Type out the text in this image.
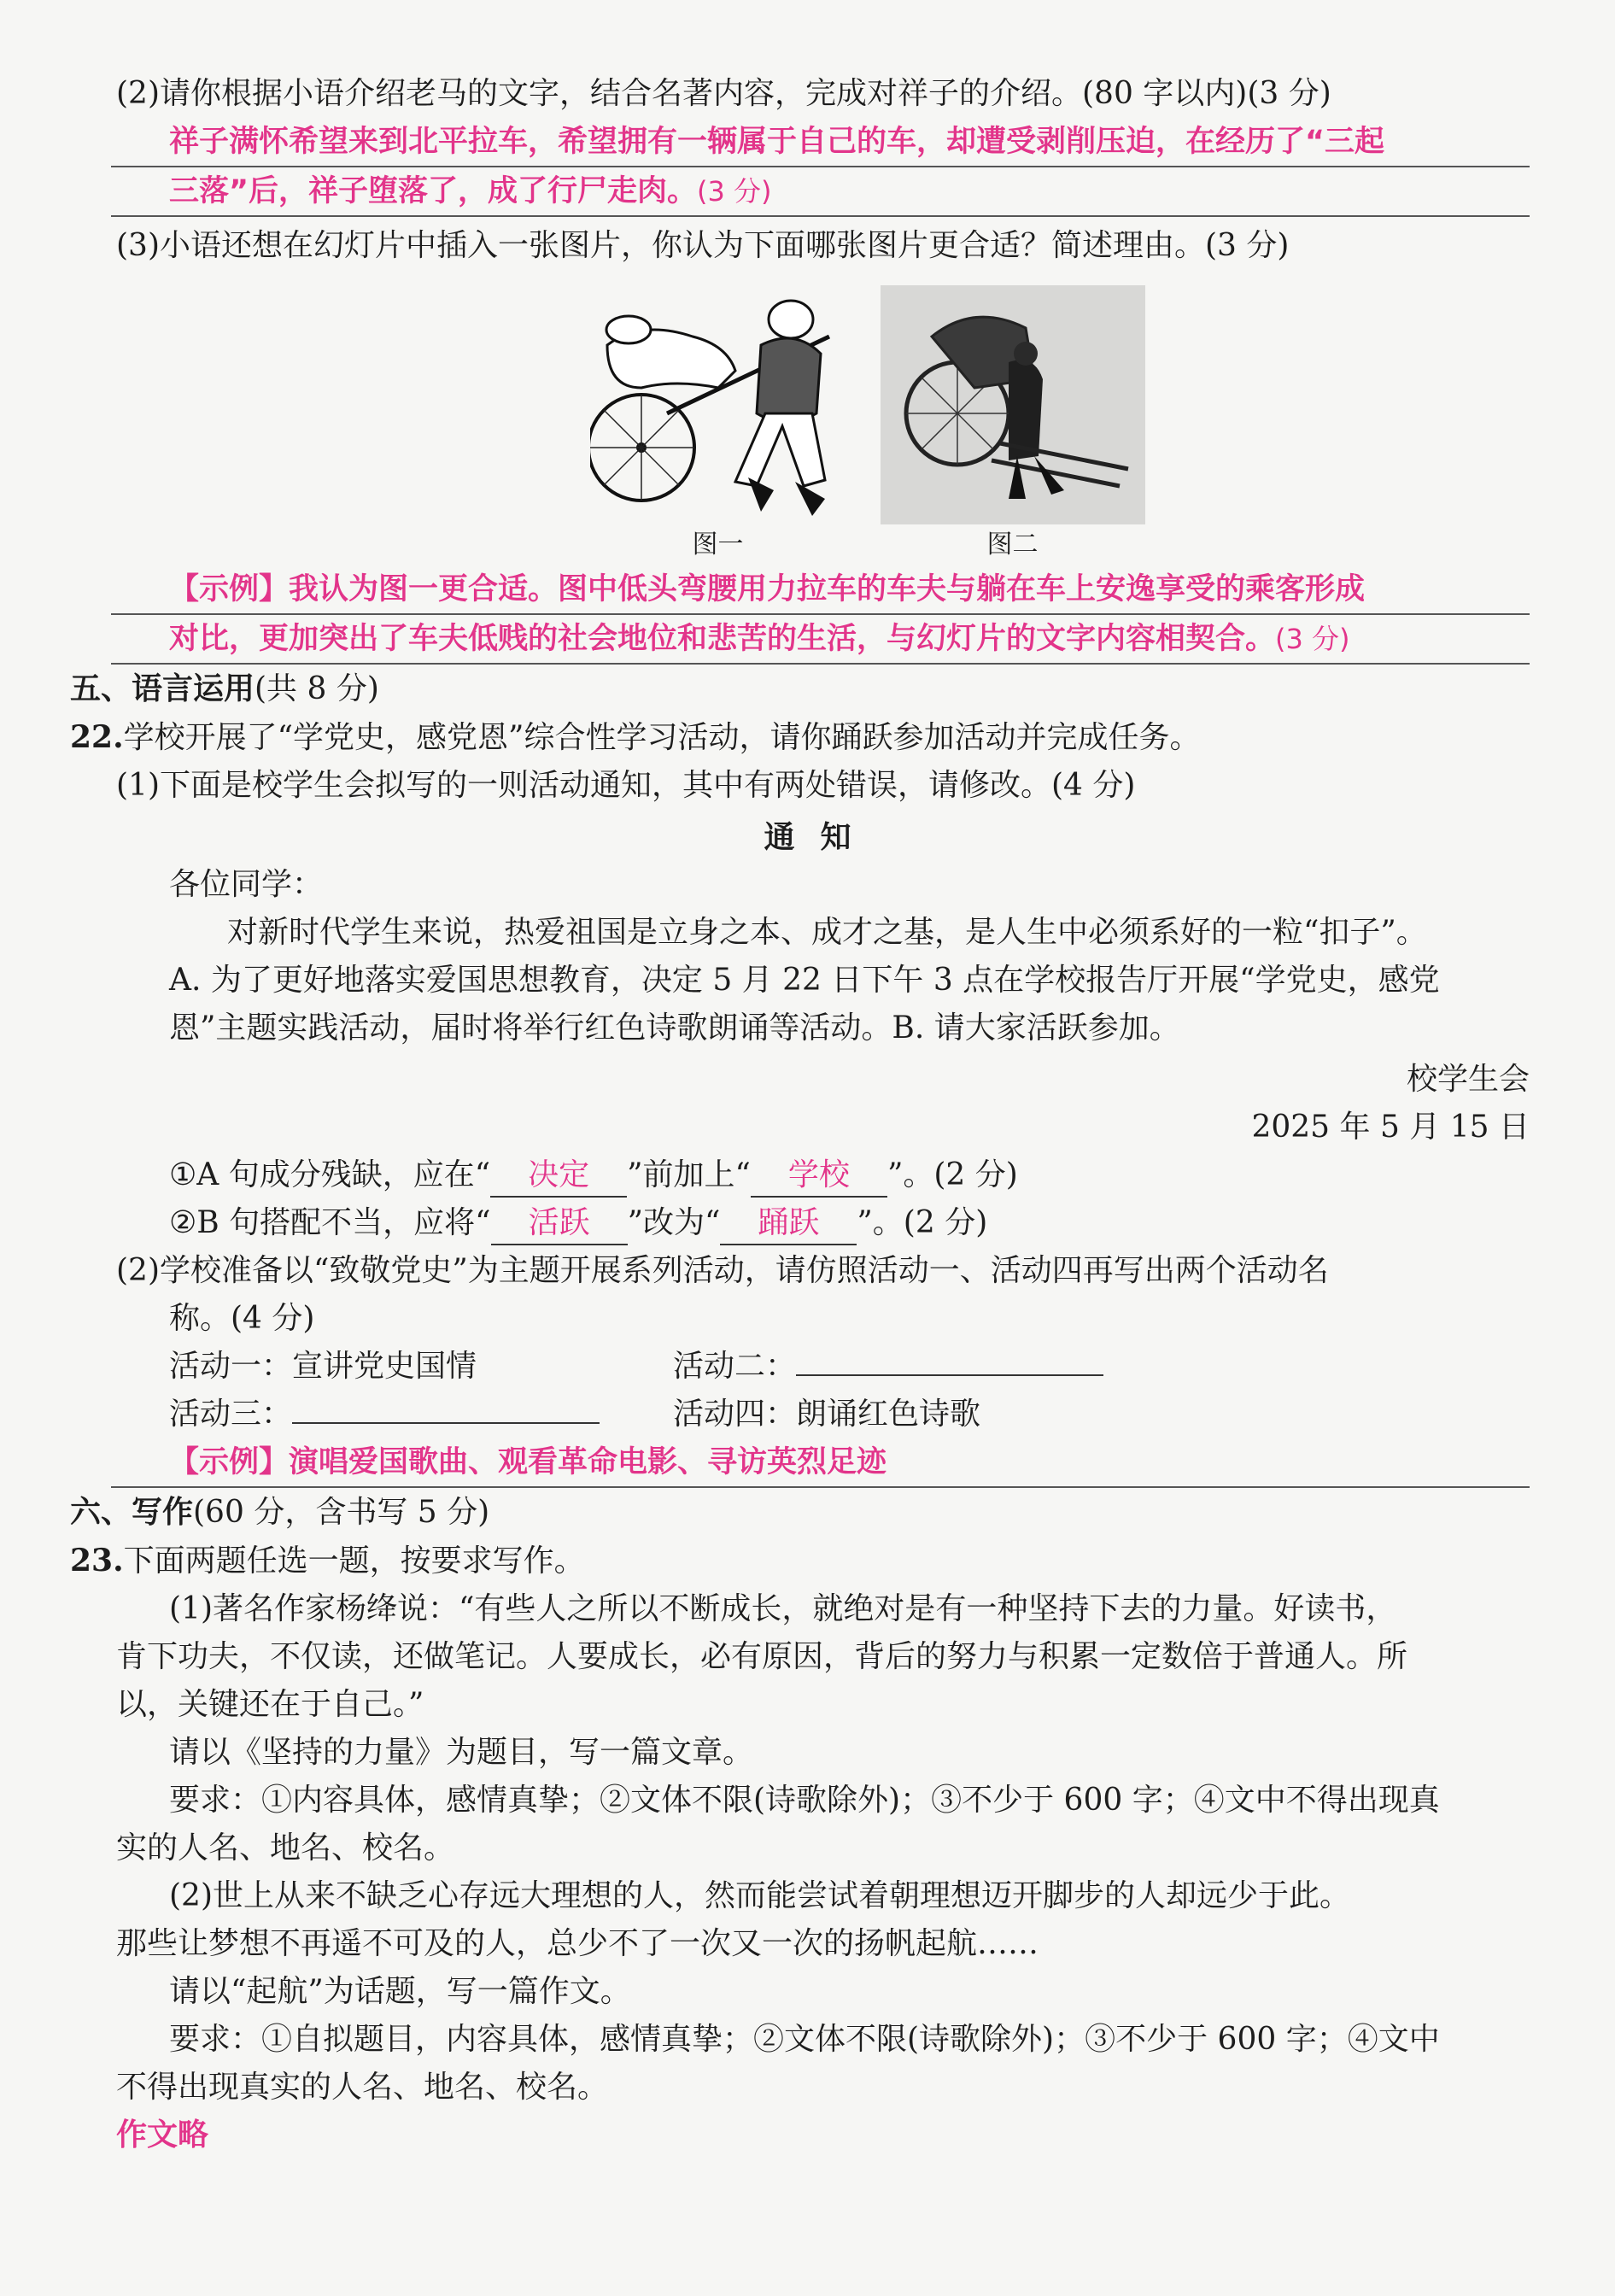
(2)请你根据小语介绍老马的文字，结合名著内容，完成对祥子的介绍。(80 字以内)(3 分)
祥子满怀希望来到北平拉车，希望拥有一辆属于自己的车，却遭受剥削压迫，在经历了“三起
三落”后，祥子堕落了，成了行尸走肉。(3 分)
(3)小语还想在幻灯片中插入一张图片，你认为下面哪张图片更合适？简述理由。(3 分)
图一	图二
【示例】我认为图一更合适。图中低头弯腰用力拉车的车夫与躺在车上安逸享受的乘客形成
对比，更加突出了车夫低贱的社会地位和悲苦的生活，与幻灯片的文字内容相契合。(3 分)
五、语言运用(共 8 分)
22.学校开展了“学党史，感党恩”综合性学习活动，请你踊跃参加活动并完成任务。
(1)下面是校学生会拟写的一则活动通知，其中有两处错误，请修改。(4 分)
通知
各位同学：
对新时代学生来说，热爱祖国是立身之本、成才之基，是人生中必须系好的一粒“扣子”。
A. 为了更好地落实爱国思想教育，决定 5 月 22 日下午 3 点在学校报告厅开展“学党史，感党
恩”主题实践活动，届时将举行红色诗歌朗诵等活动。B. 请大家活跃参加。
校学生会
2025 年 5 月 15 日
①A 句成分残缺，应在“ 决定 ”前加上“ 学校 ”。(2 分)
②B 句搭配不当，应将“ 活跃 ”改为“ 踊跃 ”。(2 分)
(2)学校准备以“致敬党史”为主题开展系列活动，请仿照活动一、活动四再写出两个活动名
称。(4 分)
活动一：宣讲党史国情	活动二：
活动三：	活动四：朗诵红色诗歌
【示例】演唱爱国歌曲、观看革命电影、寻访英烈足迹
六、写作(60 分，含书写 5 分)
23.下面两题任选一题，按要求写作。
(1)著名作家杨绛说：“有些人之所以不断成长，就绝对是有一种坚持下去的力量。好读书，
肯下功夫，不仅读，还做笔记。人要成长，必有原因，背后的努力与积累一定数倍于普通人。所
以，关键还在于自己。”
请以《坚持的力量》为题目，写一篇文章。
要求：①内容具体，感情真挚；②文体不限(诗歌除外)；③不少于 600 字；④文中不得出现真
实的人名、地名、校名。
(2)世上从来不缺乏心存远大理想的人，然而能尝试着朝理想迈开脚步的人却远少于此。
那些让梦想不再遥不可及的人，总少不了一次又一次的扬帆起航……
请以“起航”为话题，写一篇作文。
要求：①自拟题目，内容具体，感情真挚；②文体不限(诗歌除外)；③不少于 600 字；④文中
不得出现真实的人名、地名、校名。
作文略
